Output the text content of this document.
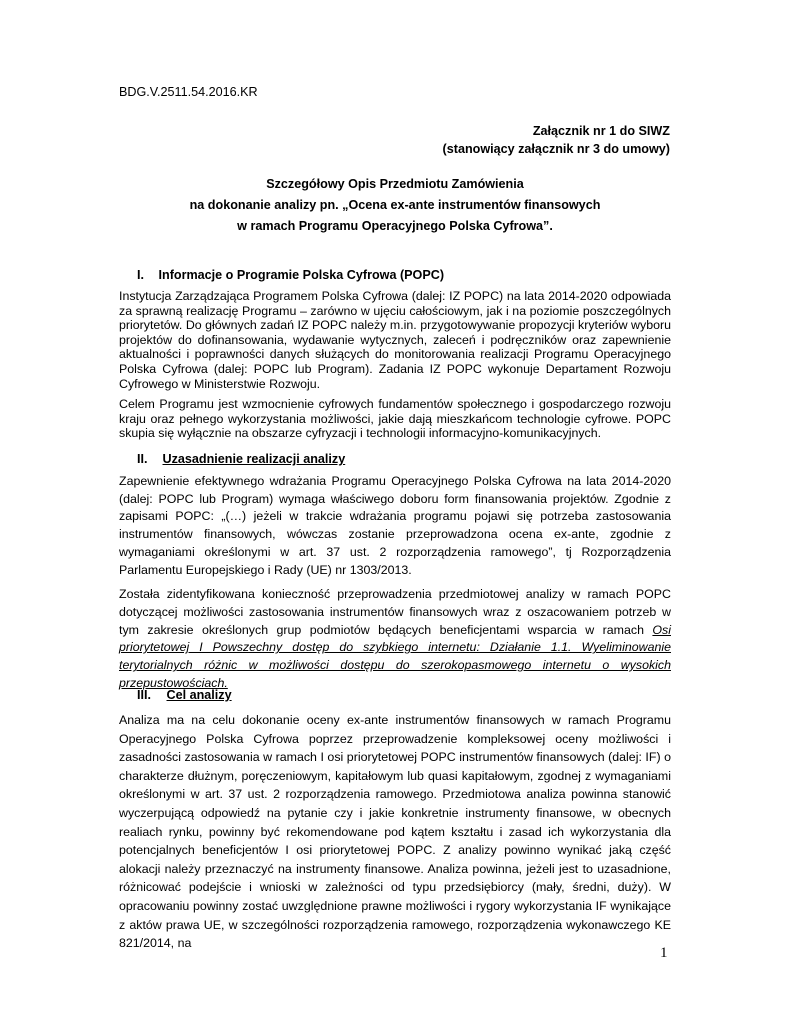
BDG.V.2511.54.2016.KR
Załącznik nr 1 do SIWZ
(stanowiący załącznik nr 3 do umowy)
Szczegółowy Opis Przedmiotu Zamówienia
na dokonanie analizy pn. „Ocena ex-ante instrumentów finansowych
w ramach Programu Operacyjnego Polska Cyfrowa”.
I. Informacje o Programie Polska Cyfrowa (POPC)

Instytucja Zarządzająca Programem Polska Cyfrowa (dalej: IZ POPC) na lata 2014-2020 odpowiada za sprawną realizację Programu – zarówno w ujęciu całościowym, jak i na poziomie poszczególnych priorytetów. Do głównych zadań IZ POPC należy m.in. przygotowywanie propozycji kryteriów wyboru projektów do dofinansowania, wydawanie wytycznych, zaleceń i podręczników oraz zapewnienie aktualności i poprawności danych służących do monitorowania realizacji Programu Operacyjnego Polska Cyfrowa (dalej: POPC lub Program). Zadania IZ POPC wykonuje Departament Rozwoju Cyfrowego w Ministerstwie Rozwoju.

Celem Programu jest wzmocnienie cyfrowych fundamentów społecznego i gospodarczego rozwoju kraju oraz pełnego wykorzystania możliwości, jakie dają mieszkańcom technologie cyfrowe. POPC skupia się wyłącznie na obszarze cyfryzacji i technologii informacyjno-komunikacyjnych.

II. Uzasadnienie realizacji analizy

Zapewnienie efektywnego wdrażania Programu Operacyjnego Polska Cyfrowa na lata 2014-2020 (dalej: POPC lub Program) wymaga właściwego doboru form finansowania projektów. Zgodnie z zapisami POPC: „(…) jeżeli w trakcie wdrażania programu pojawi się potrzeba zastosowania instrumentów finansowych, wówczas zostanie przeprowadzona ocena ex-ante, zgodnie z wymaganiami określonymi w art. 37 ust. 2 rozporządzenia ramowego”, tj Rozporządzenia Parlamentu Europejskiego i Rady (UE) nr 1303/2013.

Została zidentyfikowana konieczność przeprowadzenia przedmiotowej analizy w ramach POPC dotyczącej możliwości zastosowania instrumentów finansowych wraz z oszacowaniem potrzeb w tym zakresie określonych grup podmiotów będących beneficjentami wsparcia w ramach Osi priorytetowej I Powszechny dostęp do szybkiego internetu: Działanie 1.1. Wyeliminowanie terytorialnych różnic w możliwości dostępu do szerokopasmowego internetu o wysokich przepustowościach.

III. Cel analizy

Analiza ma na celu dokonanie oceny ex-ante instrumentów finansowych w ramach Programu Operacyjnego Polska Cyfrowa poprzez przeprowadzenie kompleksowej oceny możliwości i zasadności zastosowania w ramach I osi priorytetowej POPC instrumentów finansowych (dalej: IF) o charakterze dłużnym, poręczeniowym, kapitałowym lub quasi kapitałowym, zgodnej z wymaganiami określonymi w art. 37 ust. 2 rozporządzenia ramowego. Przedmiotowa analiza powinna stanowić wyczerpującą odpowiedź na pytanie czy i jakie konkretnie instrumenty finansowe, w obecnych realiach rynku, powinny być rekomendowane pod kątem kształtu i zasad ich wykorzystania dla potencjalnych beneficjentów I osi priorytetowej POPC. Z analizy powinno wynikać jaką część alokacji należy przeznaczyć na instrumenty finansowe. Analiza powinna, jeżeli jest to uzasadnione, różnicować podejście i wnioski w zależności od typu przedsiębiorcy (mały, średni, duży). W opracowaniu powinny zostać uwzględnione prawne możliwości i rygory wykorzystania IF wynikające z aktów prawa UE, w szczególności rozporządzenia ramowego, rozporządzenia wykonawczego KE 821/2014, na

1
